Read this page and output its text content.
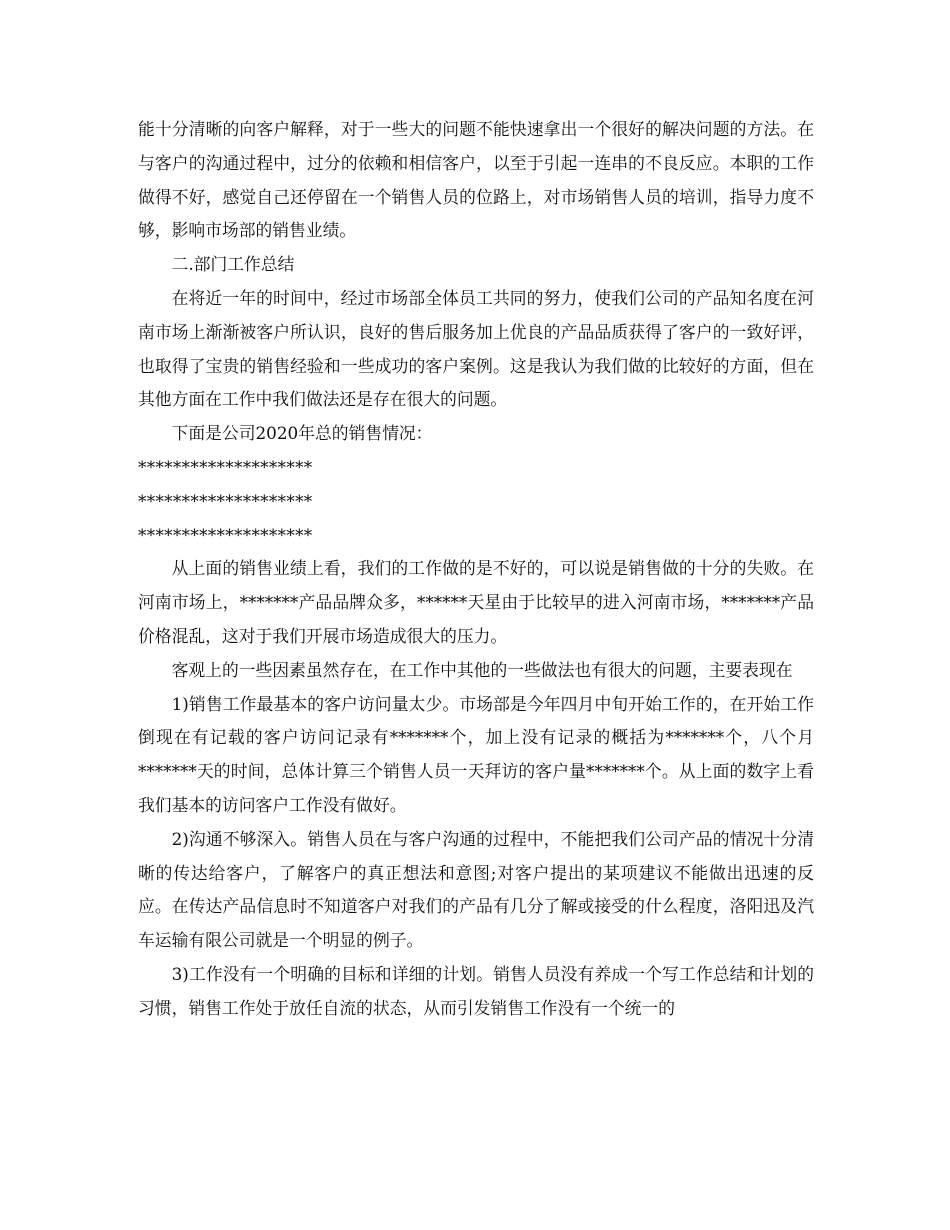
能十分清晰的向客户解释，对于一些大的问题不能快速拿出一个很好的解决问题的方法。在与客户的沟通过程中，过分的依赖和相信客户，以至于引起一连串的不良反应。本职的工作做得不好，感觉自己还停留在一个销售人员的位路上，对市场销售人员的培训，指导力度不够，影响市场部的销售业绩。

二.部门工作总结

在将近一年的时间中，经过市场部全体员工共同的努力，使我们公司的产品知名度在河南市场上渐渐被客户所认识，良好的售后服务加上优良的产品品质获得了客户的一致好评，也取得了宝贵的销售经验和一些成功的客户案例。这是我认为我们做的比较好的方面，但在其他方面在工作中我们做法还是存在很大的问题。

下面是公司2020年总的销售情况：

********************

********************

********************

从上面的销售业绩上看，我们的工作做的是不好的，可以说是销售做的十分的失败。在河南市场上，*******产品品牌众多，******天星由于比较早的进入河南市场，*******产品价格混乱，这对于我们开展市场造成很大的压力。

客观上的一些因素虽然存在，在工作中其他的一些做法也有很大的问题，主要表现在

1)销售工作最基本的客户访问量太少。市场部是今年四月中旬开始工作的，在开始工作倒现在有记载的客户访问记录有*******个，加上没有记录的概括为*******个，八个月*******天的时间，总体计算三个销售人员一天拜访的客户量*******个。从上面的数字上看我们基本的访问客户工作没有做好。

2)沟通不够深入。销售人员在与客户沟通的过程中，不能把我们公司产品的情况十分清晰的传达给客户，了解客户的真正想法和意图;对客户提出的某项建议不能做出迅速的反应。在传达产品信息时不知道客户对我们的产品有几分了解或接受的什么程度，洛阳迅及汽车运输有限公司就是一个明显的例子。

3)工作没有一个明确的目标和详细的计划。销售人员没有养成一个写工作总结和计划的习惯，销售工作处于放任自流的状态，从而引发销售工作没有一个统一的
